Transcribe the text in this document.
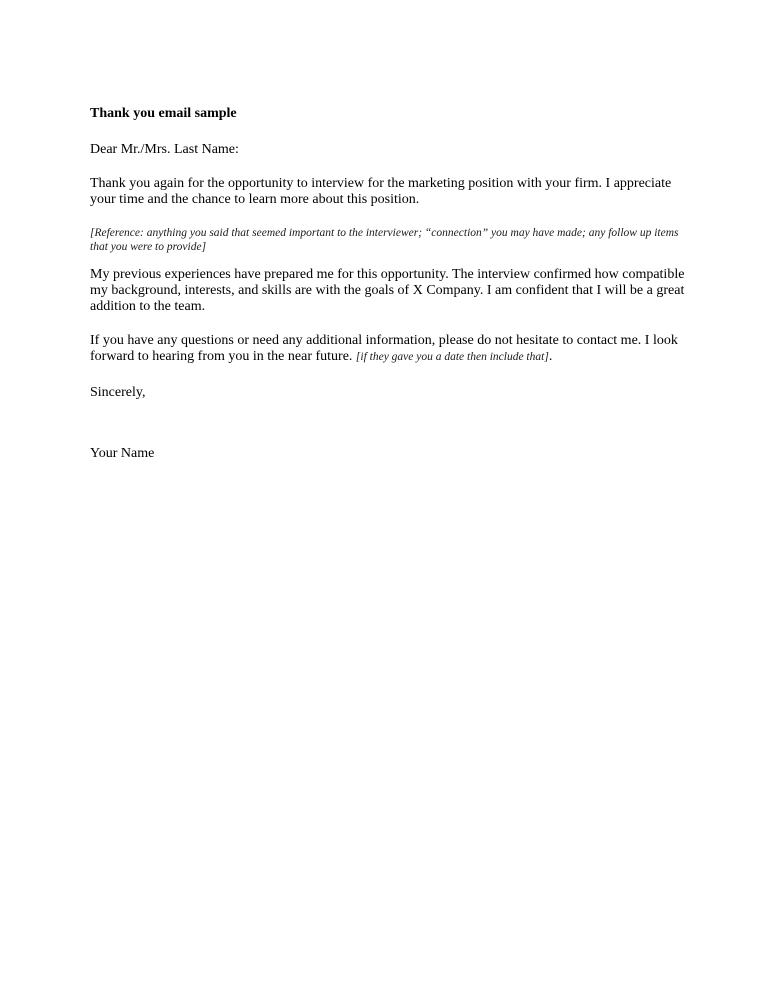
Thank you email sample

Dear Mr./Mrs. Last Name:

Thank you again for the opportunity to interview for the marketing position with your firm. I appreciate your time and the chance to learn more about this position.

[Reference: anything you said that seemed important to the interviewer; “connection” you may have made; any follow up items that you were to provide]

My previous experiences have prepared me for this opportunity. The interview confirmed how compatible my background, interests, and skills are with the goals of X Company. I am confident that I will be a great addition to the team.

If you have any questions or need any additional information, please do not hesitate to contact me. I look forward to hearing from you in the near future. [if they gave you a date then include that].

Sincerely,

Your Name
